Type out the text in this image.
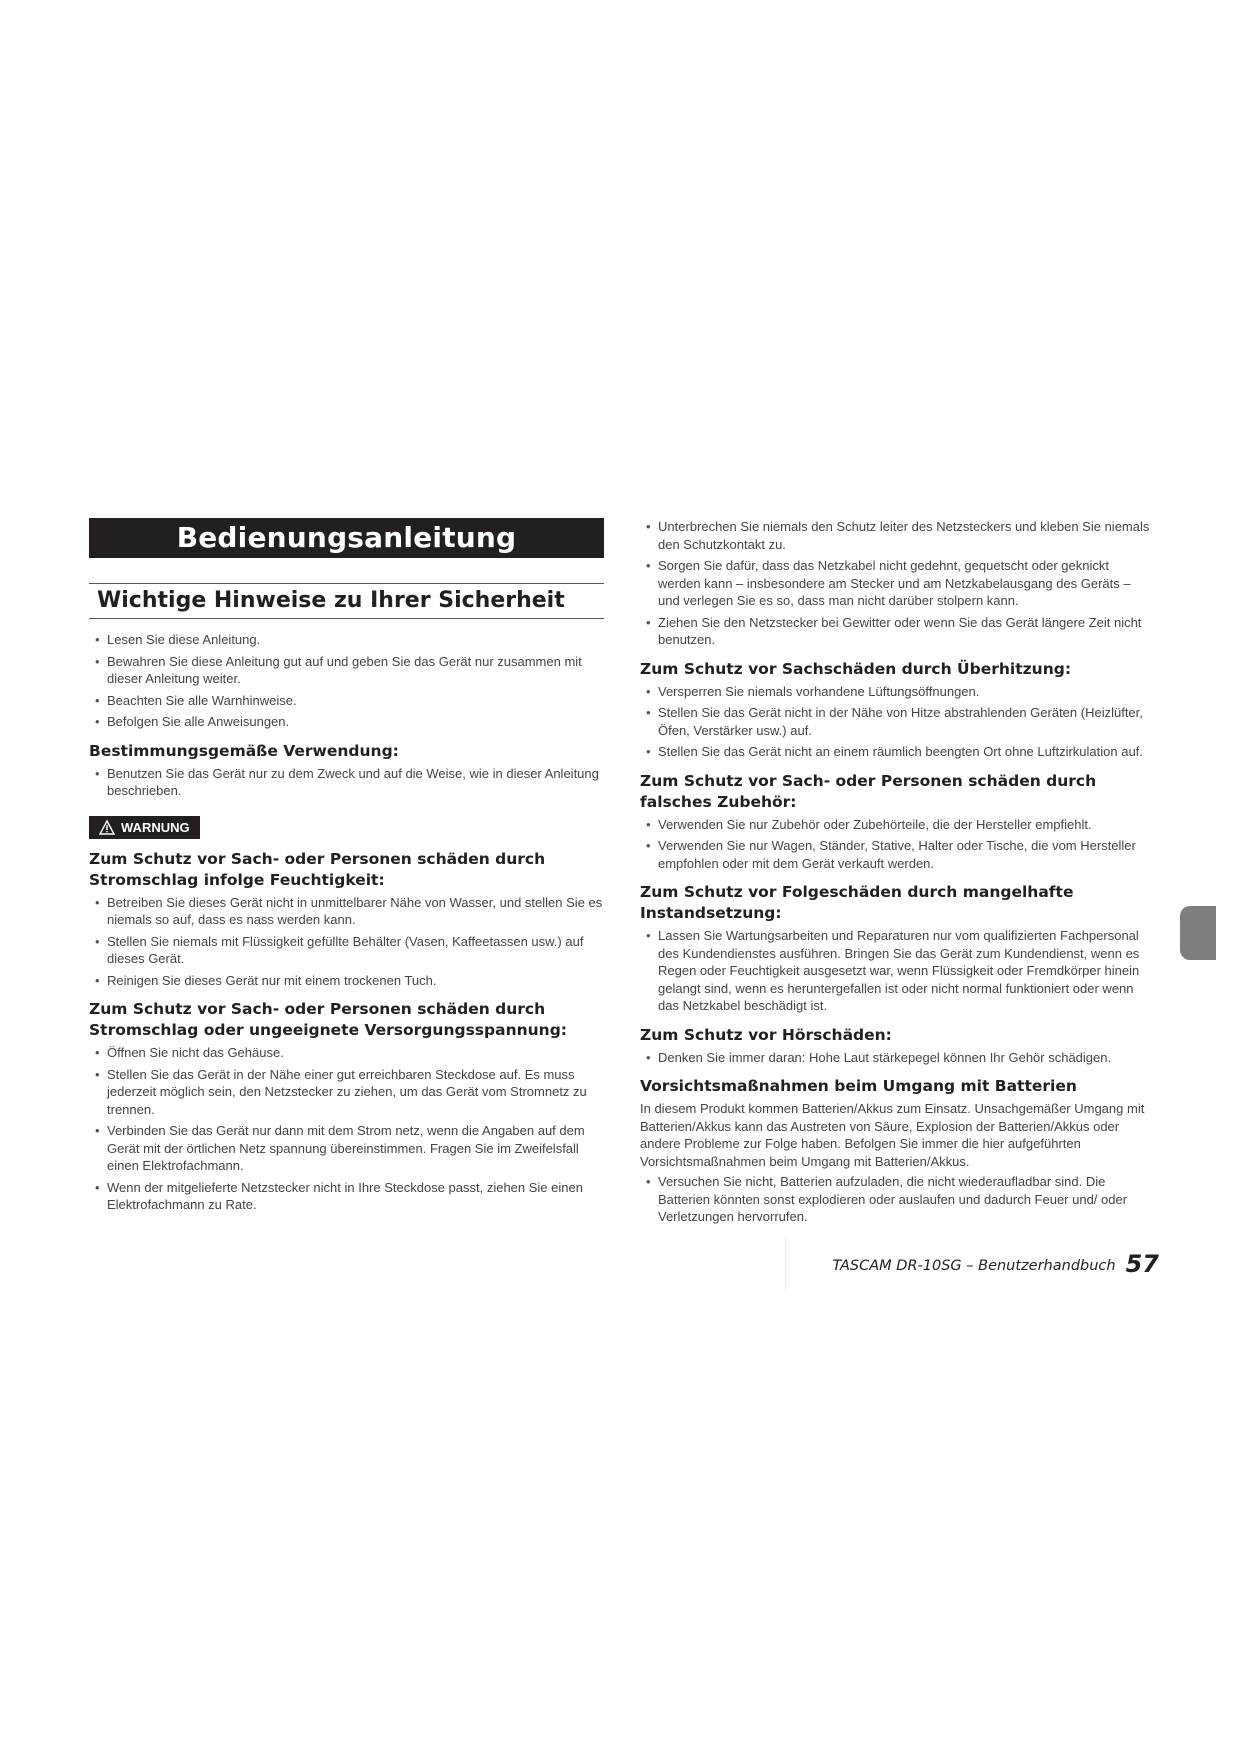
Bedienungsanleitung
Wichtige Hinweise zu Ihrer Sicherheit
• Lesen Sie diese Anleitung.
• Bewahren Sie diese Anleitung gut auf und geben Sie das Gerät nur zusammen mit dieser Anleitung weiter.
• Beachten Sie alle Warnhinweise.
• Befolgen Sie alle Anweisungen.
Bestimmungsgemäße Verwendung:
• Benutzen Sie das Gerät nur zu dem Zweck und auf die Weise, wie in dieser Anleitung beschrieben.
WARNUNG
Zum Schutz vor Sach- oder Personen schäden durch Stromschlag infolge Feuchtigkeit:
• Betreiben Sie dieses Gerät nicht in unmittelbarer Nähe von Wasser, und stellen Sie es niemals so auf, dass es nass werden kann.
• Stellen Sie niemals mit Flüssigkeit gefüllte Behälter (Vasen, Kaffeetassen usw.) auf dieses Gerät.
• Reinigen Sie dieses Gerät nur mit einem trockenen Tuch.
Zum Schutz vor Sach- oder Personen schäden durch Stromschlag oder ungeeignete Versorgungsspannung:
• Öffnen Sie nicht das Gehäuse.
• Stellen Sie das Gerät in der Nähe einer gut erreichbaren Steckdose auf. Es muss jederzeit möglich sein, den Netzstecker zu ziehen, um das Gerät vom Stromnetz zu trennen.
• Verbinden Sie das Gerät nur dann mit dem Strom netz, wenn die Angaben auf dem Gerät mit der örtlichen Netz spannung übereinstimmen. Fragen Sie im Zweifelsfall einen Elektrofachmann.
• Wenn der mitgelieferte Netzstecker nicht in Ihre Steckdose passt, ziehen Sie einen Elektrofachmann zu Rate.
• Unterbrechen Sie niemals den Schutz leiter des Netzsteckers und kleben Sie niemals den Schutzkontakt zu.
• Sorgen Sie dafür, dass das Netzkabel nicht gedehnt, gequetscht oder geknickt werden kann – insbesondere am Stecker und am Netzkabelausgang des Geräts – und verlegen Sie es so, dass man nicht darüber stolpern kann.
• Ziehen Sie den Netzstecker bei Gewitter oder wenn Sie das Gerät längere Zeit nicht benutzen.
Zum Schutz vor Sachschäden durch Überhitzung:
• Versperren Sie niemals vorhandene Lüftungsöffnungen.
• Stellen Sie das Gerät nicht in der Nähe von Hitze abstrahlenden Geräten (Heizlüfter, Öfen, Verstärker usw.) auf.
• Stellen Sie das Gerät nicht an einem räumlich beengten Ort ohne Luftzirkulation auf.
Zum Schutz vor Sach- oder Personen schäden durch falsches Zubehör:
• Verwenden Sie nur Zubehör oder Zubehörteile, die der Hersteller empfiehlt.
• Verwenden Sie nur Wagen, Ständer, Stative, Halter oder Tische, die vom Hersteller empfohlen oder mit dem Gerät verkauft werden.
Zum Schutz vor Folgeschäden durch mangelhafte Instandsetzung:
• Lassen Sie Wartungsarbeiten und Reparaturen nur vom qualifizierten Fachpersonal des Kundendienstes ausführen. Bringen Sie das Gerät zum Kundendienst, wenn es Regen oder Feuchtigkeit ausgesetzt war, wenn Flüssigkeit oder Fremdkörper hinein gelangt sind, wenn es heruntergefallen ist oder nicht normal funktioniert oder wenn das Netzkabel beschädigt ist.
Zum Schutz vor Hörschäden:
• Denken Sie immer daran: Hohe Laut stärkepegel können Ihr Gehör schädigen.
Vorsichtsmaßnahmen beim Umgang mit Batterien

In diesem Produkt kommen Batterien/Akkus zum Einsatz. Unsachgemäßer Umgang mit Batterien/Akkus kann das Austreten von Säure, Explosion der Batterien/Akkus oder andere Probleme zur Folge haben. Befolgen Sie immer die hier aufgeführten Vorsichtsmaßnahmen beim Umgang mit Batterien/Akkus.

• Versuchen Sie nicht, Batterien aufzuladen, die nicht wiederaufladbar sind. Die Batterien könnten sonst explodieren oder auslaufen und dadurch Feuer und/ oder Verletzungen hervorrufen.
TASCAM DR-10SG – Benutzerhandbuch 57
